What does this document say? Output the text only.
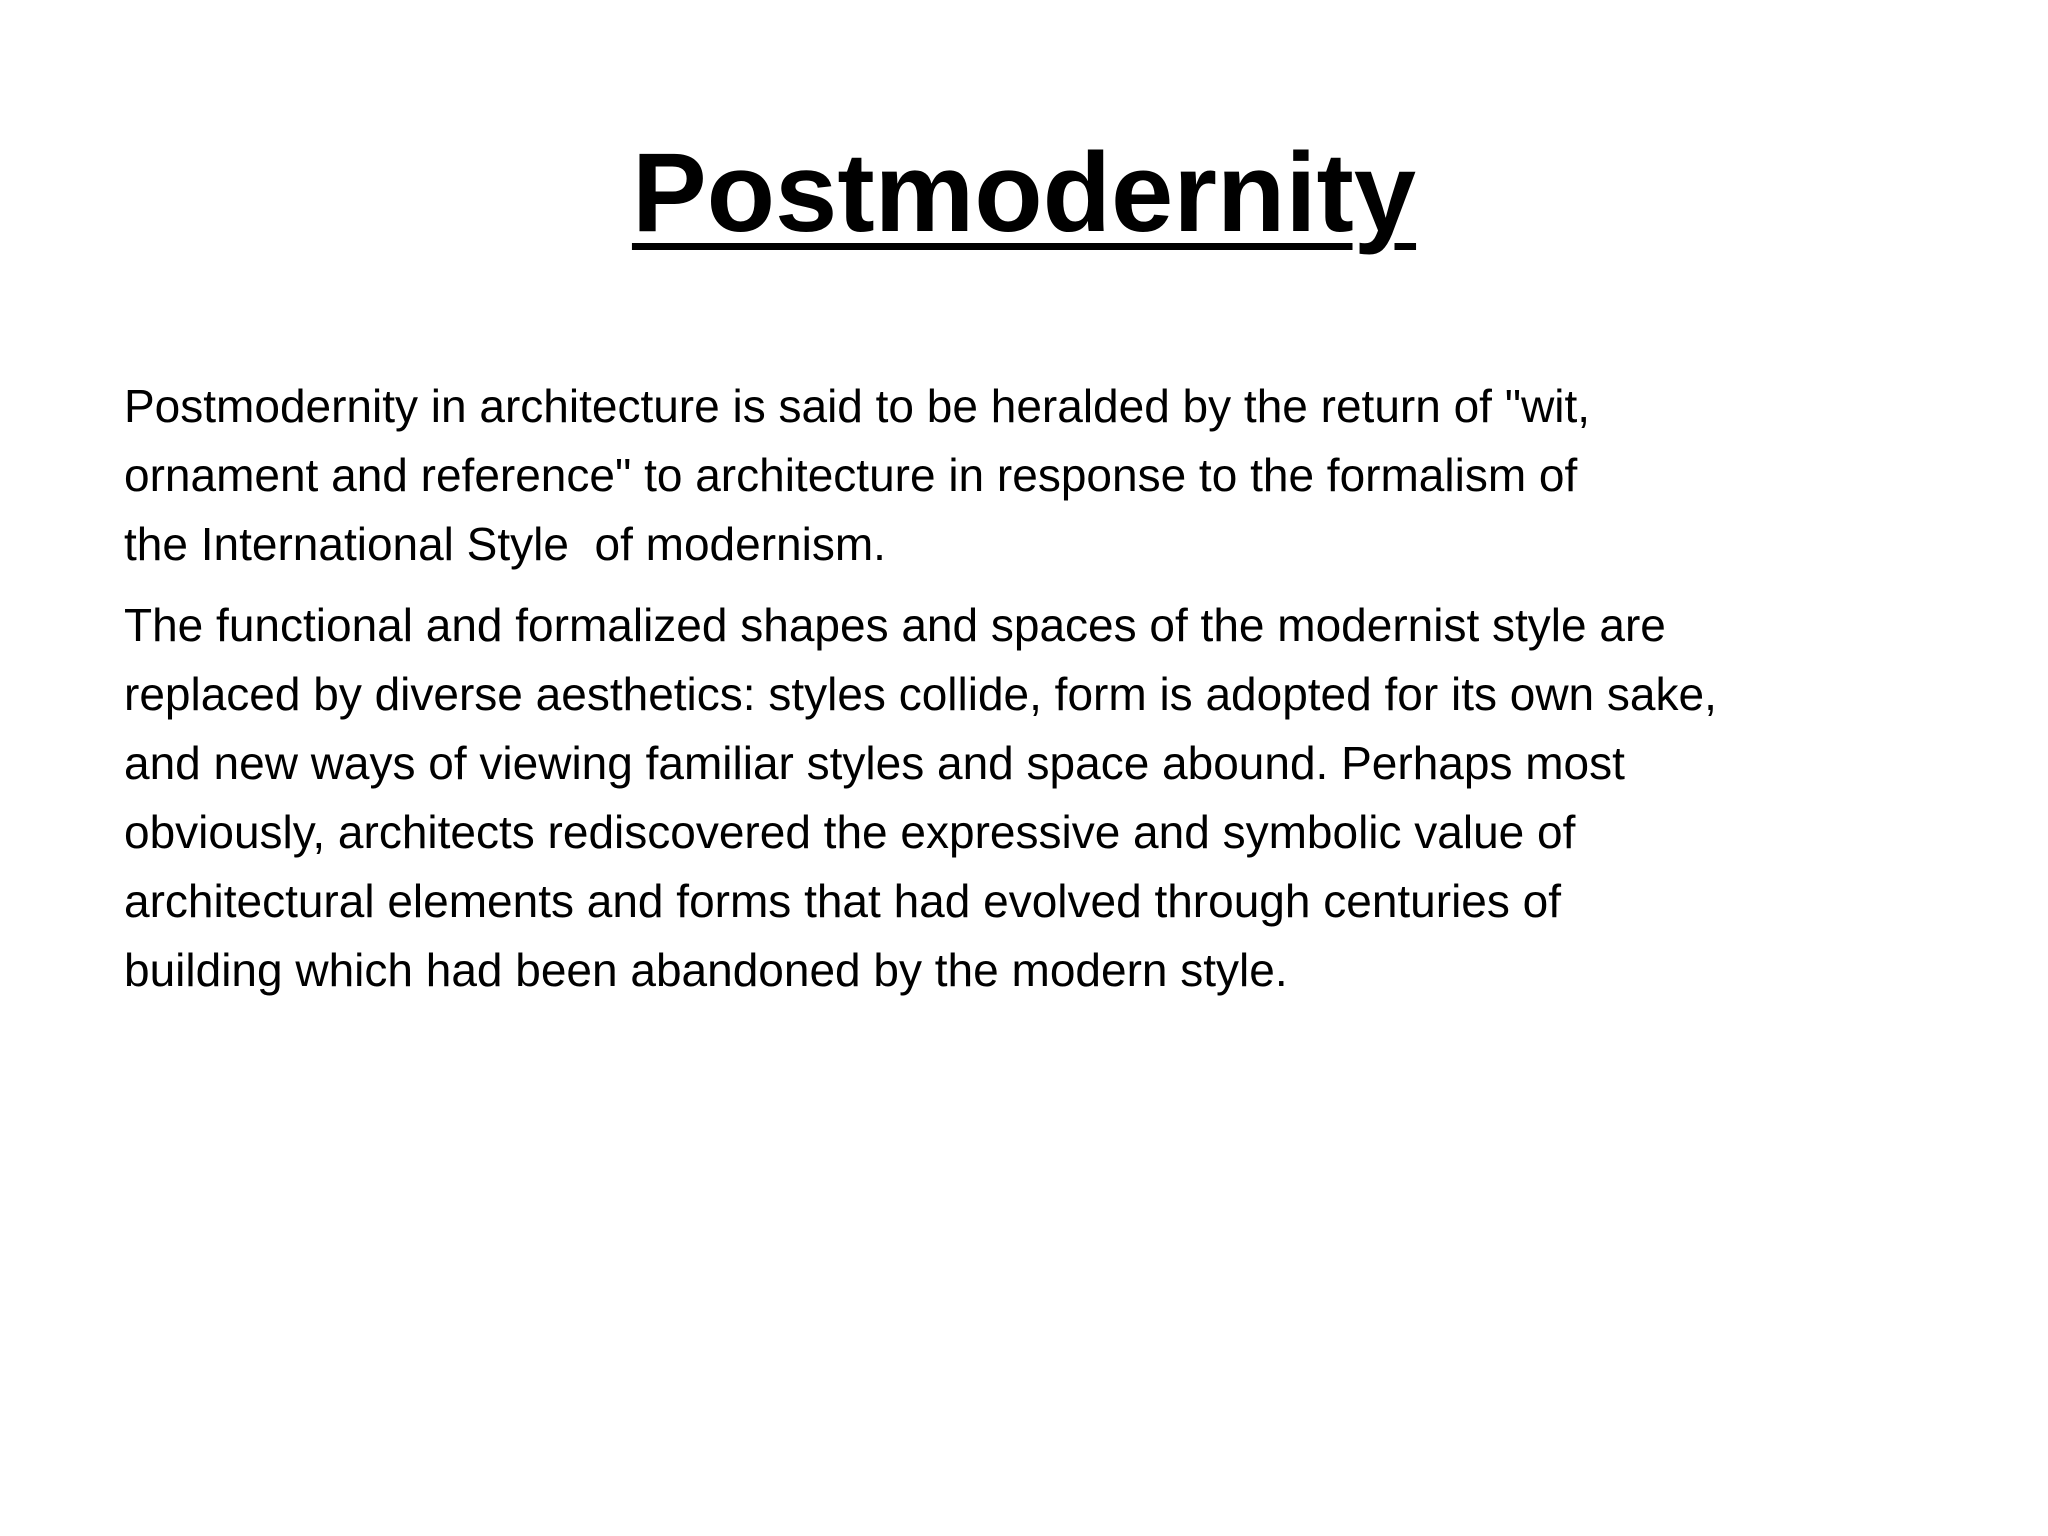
Postmodernity

Postmodernity in architecture is said to be heralded by the return of "wit,
ornament and reference" to architecture in response to the formalism of
the International Style  of modernism.

The functional and formalized shapes and spaces of the modernist style are
replaced by diverse aesthetics: styles collide, form is adopted for its own sake,
and new ways of viewing familiar styles and space abound. Perhaps most
obviously, architects rediscovered the expressive and symbolic value of
architectural elements and forms that had evolved through centuries of
building which had been abandoned by the modern style.
